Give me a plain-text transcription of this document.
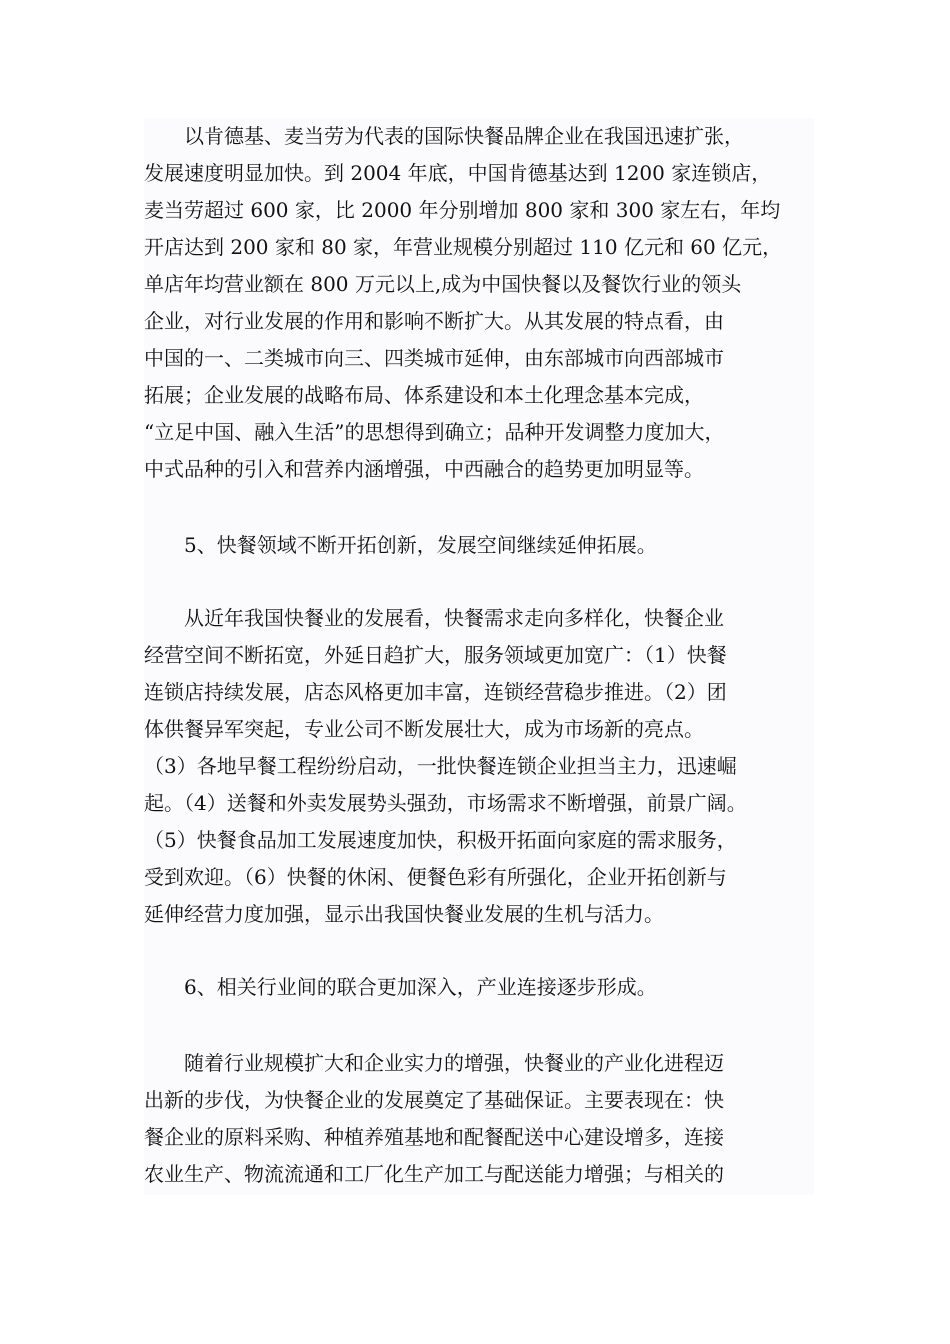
　　以肯德基、麦当劳为代表的国际快餐品牌企业在我国迅速扩张，
发展速度明显加快。到 2004 年底，中国肯德基达到 1200 家连锁店，
麦当劳超过 600 家，比 2000 年分别增加 800 家和 300 家左右，年均
开店达到 200 家和 80 家，年营业规模分别超过 110 亿元和 60 亿元，
单店年均营业额在 800 万元以上,成为中国快餐以及餐饮行业的领头
企业，对行业发展的作用和影响不断扩大。从其发展的特点看，由
中国的一、二类城市向三、四类城市延伸，由东部城市向西部城市
拓展；企业发展的战略布局、体系建设和本土化理念基本完成，
“立足中国、融入生活”的思想得到确立；品种开发调整力度加大，
中式品种的引入和营养内涵增强，中西融合的趋势更加明显等。
　　5、快餐领域不断开拓创新，发展空间继续延伸拓展。
　　从近年我国快餐业的发展看，快餐需求走向多样化，快餐企业
经营空间不断拓宽，外延日趋扩大，服务领域更加宽广：（1）快餐
连锁店持续发展，店态风格更加丰富，连锁经营稳步推进。（2）团
体供餐异军突起，专业公司不断发展壮大，成为市场新的亮点。
（3）各地早餐工程纷纷启动，一批快餐连锁企业担当主力，迅速崛
起。（4）送餐和外卖发展势头强劲，市场需求不断增强，前景广阔。
（5）快餐食品加工发展速度加快，积极开拓面向家庭的需求服务，
受到欢迎。（6）快餐的休闲、便餐色彩有所强化，企业开拓创新与
延伸经营力度加强，显示出我国快餐业发展的生机与活力。
　　6、相关行业间的联合更加深入，产业连接逐步形成。
　　随着行业规模扩大和企业实力的增强，快餐业的产业化进程迈
出新的步伐，为快餐企业的发展奠定了基础保证。主要表现在：快
餐企业的原料采购、种植养殖基地和配餐配送中心建设增多，连接
农业生产、物流流通和工厂化生产加工与配送能力增强；与相关的
